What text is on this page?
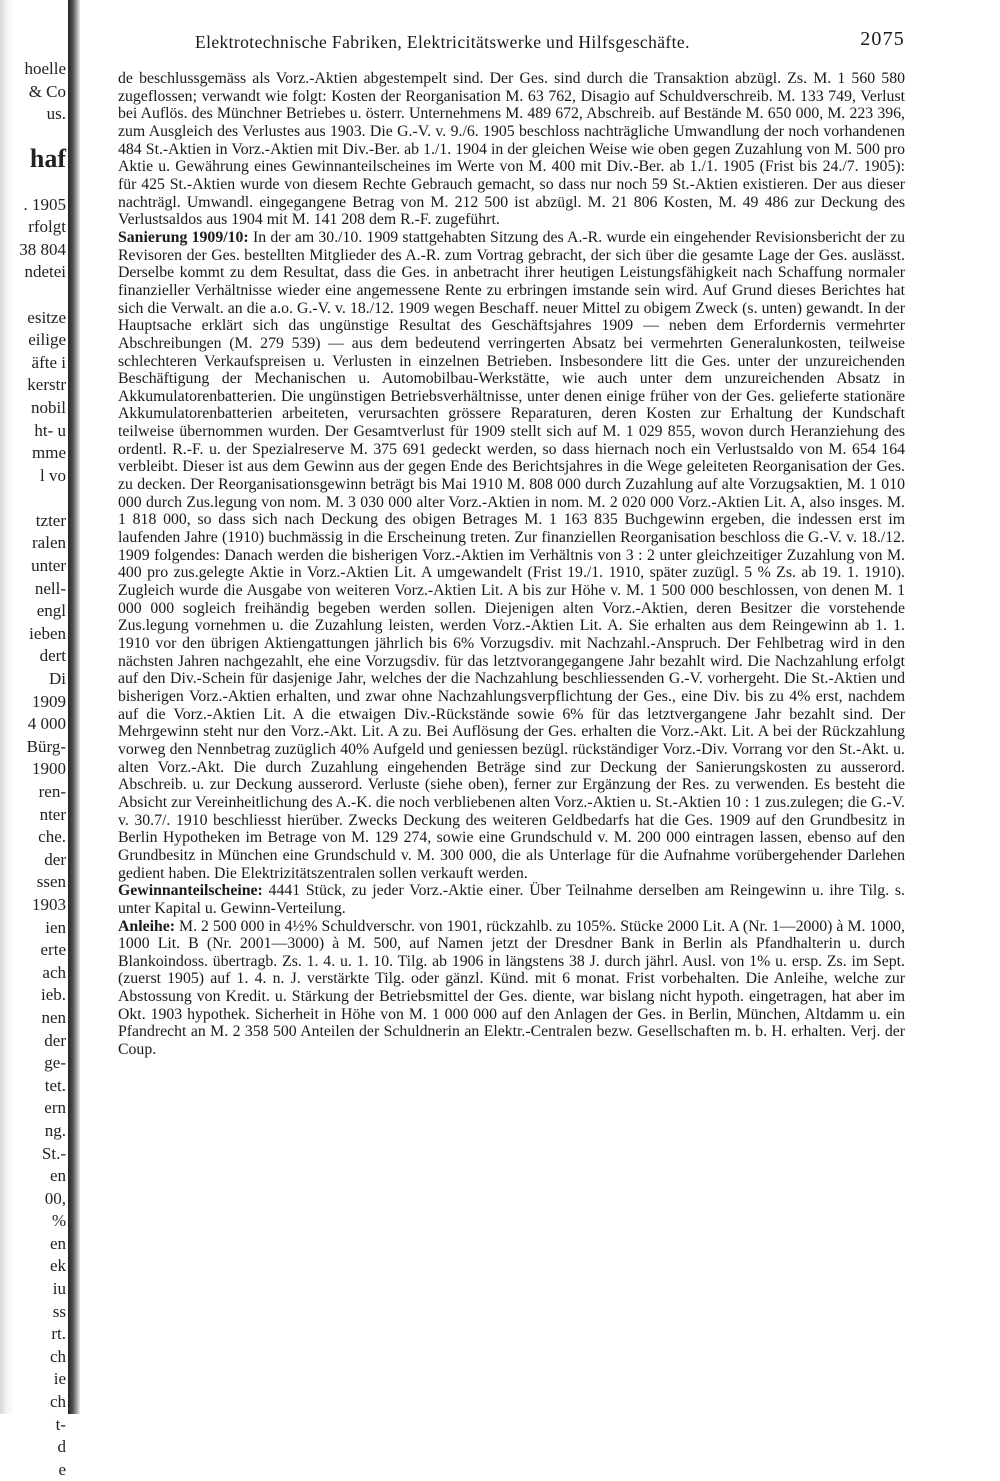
hoelle
& Co
us.
haf
. 1905
rfolgt
38 804
ndetei
esitze
eilige
äfte i
kerstr
nobil
ht- u
mme
l vo
tzter
ralen
unter
nell-
engl
ieben
dert
Di
1909
4 000
Bürg-
1900
ren-
nter
che.
der
ssen
1903
ien
erte
ach
ieb.
nen
der
ge-
tet.
ern
ng.
St.-
en
00,
%
en
ek
iu
ss
rt.
ch
ie
ch
t-
d
e
Elektrotechnische Fabriken, Elektricitätswerke und Hilfsgeschäfte.	2075

de beschlussgemäss als Vorz.-Aktien abgestempelt sind. Der Ges. sind durch die Transaktion abzügl. Zs. M. 1 560 580 zugeflossen; verwandt wie folgt: Kosten der Reorganisation M. 63 762, Disagio auf Schuldverschreib. M. 133 749, Verlust bei Auflös. des Münchner Betriebes u. österr. Unternehmens M. 489 672, Abschreib. auf Bestände M. 650 000, M. 223 396, zum Ausgleich des Verlustes aus 1903. Die G.-V. v. 9./6. 1905 beschloss nachträgliche Umwandlung der noch vorhandenen 484 St.-Aktien in Vorz.-Aktien mit Div.-Ber. ab 1./1. 1904 in der gleichen Weise wie oben gegen Zuzahlung von M. 500 pro Aktie u. Gewährung eines Gewinnanteilscheines im Werte von M. 400 mit Div.-Ber. ab 1./1. 1905 (Frist bis 24./7. 1905): für 425 St.-Aktien wurde von diesem Rechte Gebrauch gemacht, so dass nur noch 59 St.-Aktien existieren. Der aus dieser nachträgl. Umwandl. eingegangene Betrag von M. 212 500 ist abzügl. M. 21 806 Kosten, M. 49 486 zur Deckung des Verlustsaldos aus 1904 mit M. 141 208 dem R.-F. zugeführt.

Sanierung 1909/10: In der am 30./10. 1909 stattgehabten Sitzung des A.-R. wurde ein eingehender Revisionsbericht der zu Revisoren der Ges. bestellten Mitglieder des A.-R. zum Vortrag gebracht, der sich über die gesamte Lage der Ges. auslässt. Derselbe kommt zu dem Resultat, dass die Ges. in anbetracht ihrer heutigen Leistungsfähigkeit nach Schaffung normaler finanzieller Verhältnisse wieder eine angemessene Rente zu erbringen imstande sein wird. Auf Grund dieses Berichtes hat sich die Verwalt. an die a.o. G.-V. v. 18./12. 1909 wegen Beschaff. neuer Mittel zu obigem Zweck (s. unten) gewandt. In der Hauptsache erklärt sich das ungünstige Resultat des Geschäftsjahres 1909 — neben dem Erfordernis vermehrter Abschreibungen (M. 279 539) — aus dem bedeutend verringerten Absatz bei vermehrten Generalunkosten, teilweise schlechteren Verkaufspreisen u. Verlusten in einzelnen Betrieben. Insbesondere litt die Ges. unter der unzureichenden Beschäftigung der Mechanischen u. Automobilbau-Werkstätte, wie auch unter dem unzureichenden Absatz in Akkumulatorenbatterien. Die ungünstigen Betriebsverhältnisse, unter denen einige früher von der Ges. gelieferte stationäre Akkumulatorenbatterien arbeiteten, verursachten grössere Reparaturen, deren Kosten zur Erhaltung der Kundschaft teilweise übernommen wurden. Der Gesamtverlust für 1909 stellt sich auf M. 1 029 855, wovon durch Heranziehung des ordentl. R.-F. u. der Spezialreserve M. 375 691 gedeckt werden, so dass hiernach noch ein Verlustsaldo von M. 654 164 verbleibt. Dieser ist aus dem Gewinn aus der gegen Ende des Berichtsjahres in die Wege geleiteten Reorganisation der Ges. zu decken. Der Reorganisationsgewinn beträgt bis Mai 1910 M. 808 000 durch Zuzahlung auf alte Vorzugsaktien, M. 1 010 000 durch Zus.legung von nom. M. 3 030 000 alter Vorz.-Aktien in nom. M. 2 020 000 Vorz.-Aktien Lit. A, also insges. M. 1 818 000, so dass sich nach Deckung des obigen Betrages M. 1 163 835 Buchgewinn ergeben, die indessen erst im laufenden Jahre (1910) buchmässig in die Erscheinung treten. Zur finanziellen Reorganisation beschloss die G.-V. v. 18./12. 1909 folgendes: Danach werden die bisherigen Vorz.-Aktien im Verhältnis von 3 : 2 unter gleichzeitiger Zuzahlung von M. 400 pro zus.gelegte Aktie in Vorz.-Aktien Lit. A umgewandelt (Frist 19./1. 1910, später zuzügl. 5 % Zs. ab 19. 1. 1910). Zugleich wurde die Ausgabe von weiteren Vorz.-Aktien Lit. A bis zur Höhe v. M. 1 500 000 beschlossen, von denen M. 1 000 000 sogleich freihändig begeben werden sollen. Diejenigen alten Vorz.-Aktien, deren Besitzer die vorstehende Zus.legung vornehmen u. die Zuzahlung leisten, werden Vorz.-Aktien Lit. A. Sie erhalten aus dem Reingewinn ab 1. 1. 1910 vor den übrigen Aktiengattungen jährlich bis 6% Vorzugsdiv. mit Nachzahl.-Anspruch. Der Fehlbetrag wird in den nächsten Jahren nachgezahlt, ehe eine Vorzugsdiv. für das letztvorangegangene Jahr bezahlt wird. Die Nachzahlung erfolgt auf den Div.-Schein für dasjenige Jahr, welches der die Nachzahlung beschliessenden G.-V. vorhergeht. Die St.-Aktien und bisherigen Vorz.-Aktien erhalten, und zwar ohne Nachzahlungsverpflichtung der Ges., eine Div. bis zu 4% erst, nachdem auf die Vorz.-Aktien Lit. A die etwaigen Div.-Rückstände sowie 6% für das letztvergangene Jahr bezahlt sind. Der Mehrgewinn steht nur den Vorz.-Akt. Lit. A zu. Bei Auflösung der Ges. erhalten die Vorz.-Akt. Lit. A bei der Rückzahlung vorweg den Nennbetrag zuzüglich 40% Aufgeld und geniessen bezügl. rückständiger Vorz.-Div. Vorrang vor den St.-Akt. u. alten Vorz.-Akt. Die durch Zuzahlung eingehenden Beträge sind zur Deckung der Sanierungskosten zu ausserord. Abschreib. u. zur Deckung ausserord. Verluste (siehe oben), ferner zur Ergänzung der Res. zu verwenden. Es besteht die Absicht zur Vereinheitlichung des A.-K. die noch verbliebenen alten Vorz.-Aktien u. St.-Aktien 10 : 1 zus.zulegen; die G.-V. v. 30.7/. 1910 beschliesst hierüber. Zwecks Deckung des weiteren Geldbedarfs hat die Ges. 1909 auf den Grundbesitz in Berlin Hypotheken im Betrage von M. 129 274, sowie eine Grundschuld v. M. 200 000 eintragen lassen, ebenso auf den Grundbesitz in München eine Grundschuld v. M. 300 000, die als Unterlage für die Aufnahme vorübergehender Darlehen gedient haben. Die Elektrizitätszentralen sollen verkauft werden.

Gewinnanteilscheine: 4441 Stück, zu jeder Vorz.-Aktie einer. Über Teilnahme derselben am Reingewinn u. ihre Tilg. s. unter Kapital u. Gewinn-Verteilung.

Anleihe: M. 2 500 000 in 4½% Schuldverschr. von 1901, rückzahlb. zu 105%. Stücke 2000 Lit. A (Nr. 1—2000) à M. 1000, 1000 Lit. B (Nr. 2001—3000) à M. 500, auf Namen jetzt der Dresdner Bank in Berlin als Pfandhalterin u. durch Blankoindoss. übertragb. Zs. 1. 4. u. 1. 10. Tilg. ab 1906 in längstens 38 J. durch jährl. Ausl. von 1% u. ersp. Zs. im Sept. (zuerst 1905) auf 1. 4. n. J. verstärkte Tilg. oder gänzl. Künd. mit 6 monat. Frist vorbehalten. Die Anleihe, welche zur Abstossung von Kredit. u. Stärkung der Betriebsmittel der Ges. diente, war bislang nicht hypoth. eingetragen, hat aber im Okt. 1903 hypothek. Sicherheit in Höhe von M. 1 000 000 auf den Anlagen der Ges. in Berlin, München, Altdamm u. ein Pfandrecht an M. 2 358 500 Anteilen der Schuldnerin an Elektr.-Centralen bezw. Gesellschaften m. b. H. erhalten. Verj. der Coup.
